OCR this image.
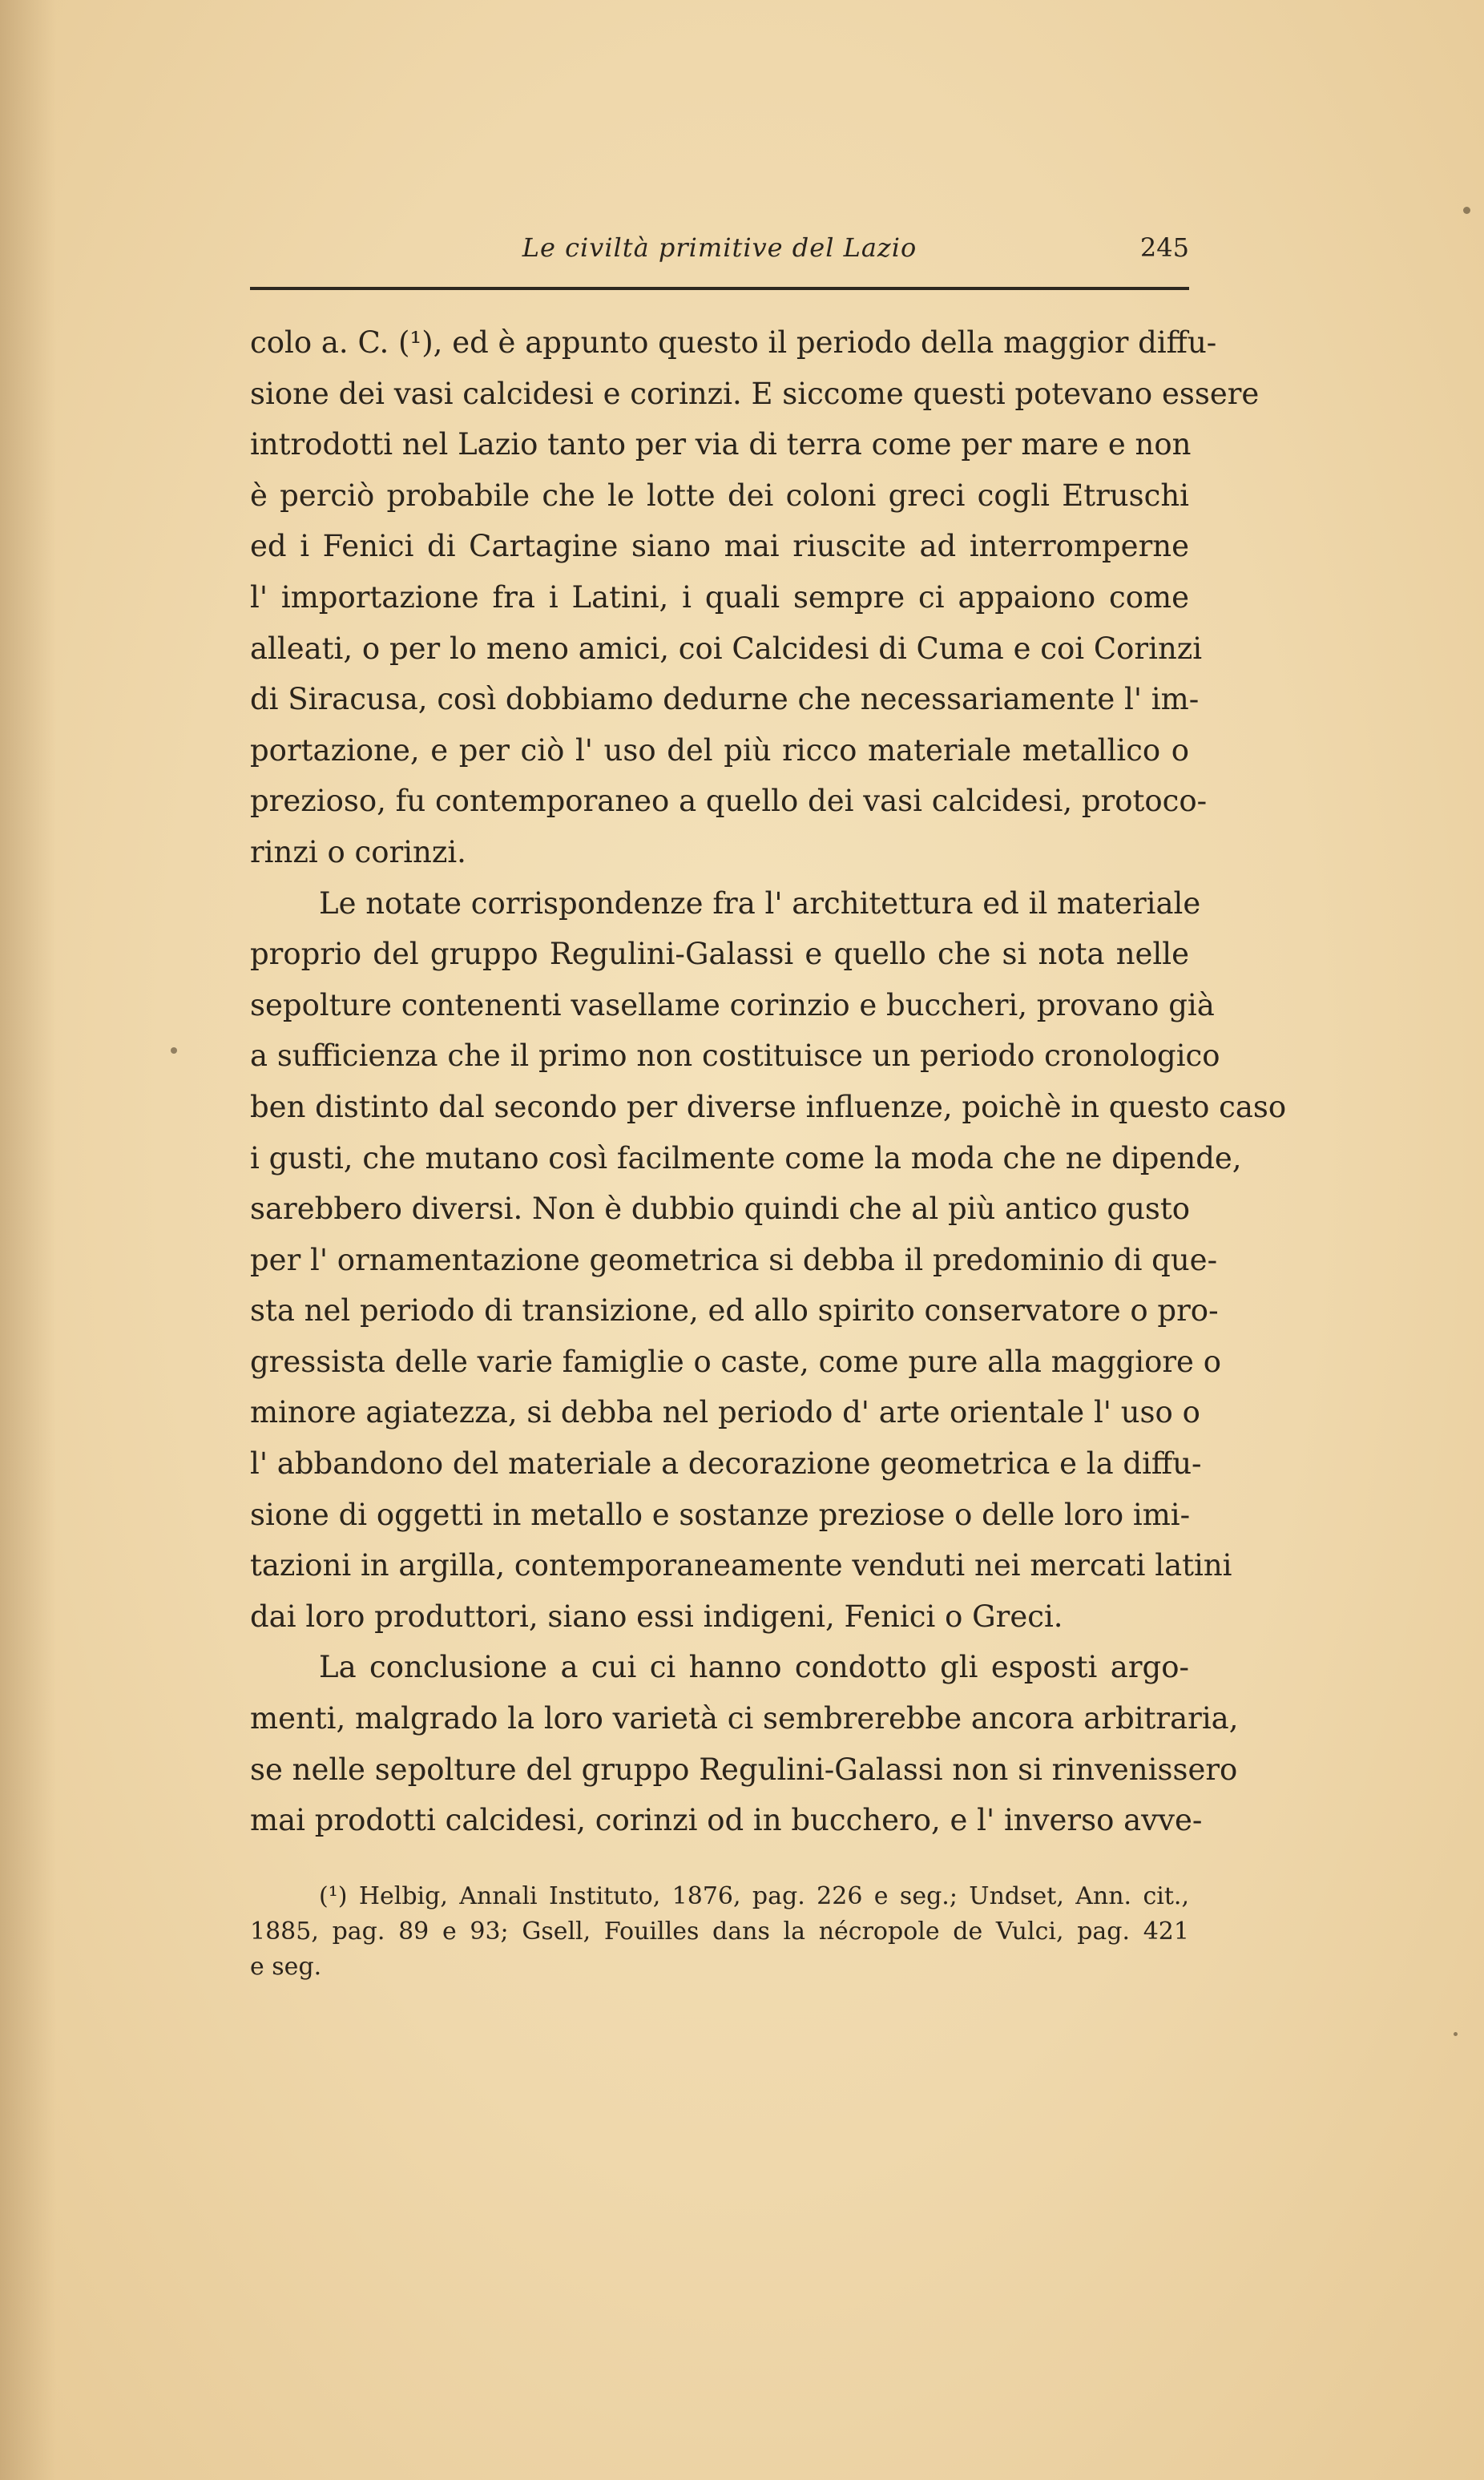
Le civiltà primitive del Lazio	245
colo a. C. (¹), ed è appunto questo il periodo della maggior diffu-
sione dei vasi calcidesi e corinzi. E siccome questi potevano essere
introdotti nel Lazio tanto per via di terra come per mare e non
è perciò probabile che le lotte dei coloni greci cogli Etruschi
ed i Fenici di Cartagine siano mai riuscite ad interromperne
l' importazione fra i Latini, i quali sempre ci appaiono come
alleati, o per lo meno amici, coi Calcidesi di Cuma e coi Corinzi
di Siracusa, così dobbiamo dedurne che necessariamente l' im-
portazione, e per ciò l' uso del più ricco materiale metallico o
prezioso, fu contemporaneo a quello dei vasi calcidesi, protoco-
rinzi o corinzi.
Le notate corrispondenze fra l' architettura ed il materiale
proprio del gruppo Regulini-Galassi e quello che si nota nelle
sepolture contenenti vasellame corinzio e buccheri, provano già
a sufficienza che il primo non costituisce un periodo cronologico
ben distinto dal secondo per diverse influenze, poichè in questo caso
i gusti, che mutano così facilmente come la moda che ne dipende,
sarebbero diversi. Non è dubbio quindi che al più antico gusto
per l' ornamentazione geometrica si debba il predominio di que-
sta nel periodo di transizione, ed allo spirito conservatore o pro-
gressista delle varie famiglie o caste, come pure alla maggiore o
minore agiatezza, si debba nel periodo d' arte orientale l' uso o
l' abbandono del materiale a decorazione geometrica e la diffu-
sione di oggetti in metallo e sostanze preziose o delle loro imi-
tazioni in argilla, contemporaneamente venduti nei mercati latini
dai loro produttori, siano essi indigeni, Fenici o Greci.
La conclusione a cui ci hanno condotto gli esposti argo-
menti, malgrado la loro varietà ci sembrerebbe ancora arbitraria,
se nelle sepolture del gruppo Regulini-Galassi non si rinvenissero
mai prodotti calcidesi, corinzi od in bucchero, e l' inverso avve-
(¹) Helbig, Annali Instituto, 1876, pag. 226 e seg.; Undset, Ann. cit.,
1885, pag. 89 e 93; Gsell, Fouilles dans la nécropole de Vulci, pag. 421
e seg.
